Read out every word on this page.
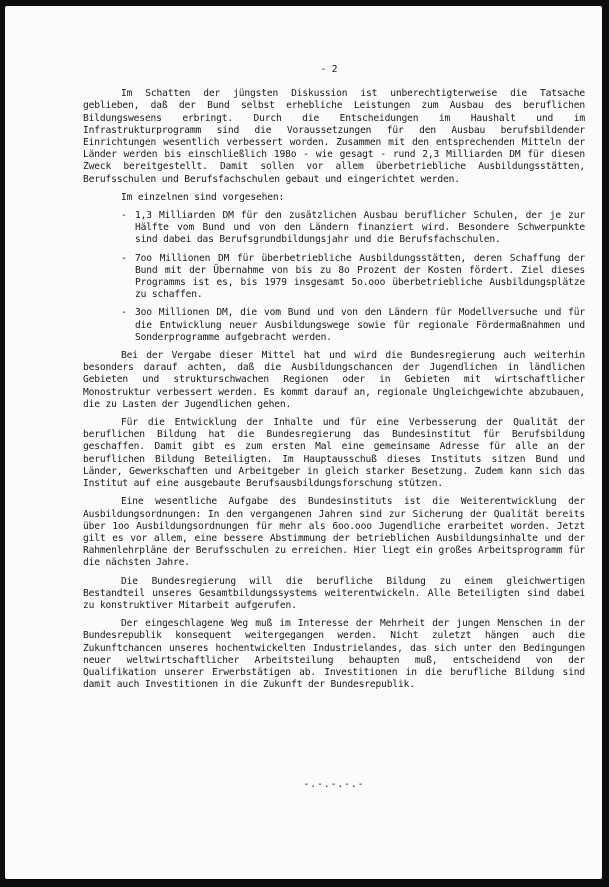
- 2

Im Schatten der jüngsten Diskussion ist unberechtigterweise die Tatsache geblieben, daß der Bund selbst erhebliche Leistungen zum Ausbau des beruflichen Bildungswesens erbringt. Durch die Entscheidungen im Haushalt und im Infrastrukturprogramm sind die Voraussetzungen für den Ausbau berufsbildender Einrichtungen wesentlich verbessert worden. Zusammen mit den entsprechenden Mitteln der Länder werden bis einschließlich 198o - wie gesagt - rund 2,3 Milliarden DM für diesen Zweck bereitgestellt. Damit sollen vor allem überbetriebliche Ausbildungsstätten, Berufsschulen und Berufsfachschulen gebaut und eingerichtet werden.

Im einzelnen sind vorgesehen:

- 1,3 Milliarden DM für den zusätzlichen Ausbau beruflicher Schulen, der je zur Hälfte vom Bund und von den Ländern finanziert wird. Besondere Schwerpunkte sind dabei das Berufsgrundbildungsjahr und die Berufsfachschulen.
- 7oo Millionen DM für überbetriebliche Ausbildungsstätten, deren Schaffung der Bund mit der Übernahme von bis zu 8o Prozent der Kosten fördert. Ziel dieses Programms ist es, bis 1979 insgesamt 5o.ooo überbetriebliche Ausbildungsplätze zu schaffen.
- 3oo Millionen DM, die vom Bund und von den Ländern für Modellversuche und für die Entwicklung neuer Ausbildungswege sowie für regionale Fördermaßnahmen und Sonderprogramme aufgebracht werden.

Bei der Vergabe dieser Mittel hat und wird die Bundesregierung auch weiterhin besonders darauf achten, daß die Ausbildungschancen der Jugendlichen in ländlichen Gebieten und strukturschwachen Regionen oder in Gebieten mit wirtschaftlicher Monostruktur verbessert werden. Es kommt darauf an, regionale Ungleichgewichte abzubauen, die zu Lasten der Jugendlichen gehen.

Für die Entwicklung der Inhalte und für eine Verbesserung der Qualität der beruflichen Bildung hat die Bundesregierung das Bundesinstitut für Berufsbildung geschaffen. Damit gibt es zum ersten Mal eine gemeinsame Adresse für alle an der beruflichen Bildung Beteiligten. Im Hauptausschuß dieses Instituts sitzen Bund und Länder, Gewerkschaften und Arbeitgeber in gleich starker Besetzung. Zudem kann sich das Institut auf eine ausgebaute Berufsausbildungsforschung stützen.

Eine wesentliche Aufgabe des Bundesinstituts ist die Weiterentwicklung der Ausbildungsordnungen: In den vergangenen Jahren sind zur Sicherung der Qualität bereits über 1oo Ausbildungsordnungen für mehr als 6oo.ooo Jugendliche erarbeitet worden. Jetzt gilt es vor allem, eine bessere Abstimmung der betrieblichen Ausbildungsinhalte und der Rahmenlehrpläne der Berufsschulen zu erreichen. Hier liegt ein großes Arbeitsprogramm für die nächsten Jahre.

Die Bundesregierung will die berufliche Bildung zu einem gleichwertigen Bestandteil unseres Gesamtbildungssystems weiterentwickeln. Alle Beteiligten sind dabei zu konstruktiver Mitarbeit aufgerufen.

Der eingeschlagene Weg muß im Interesse der Mehrheit der jungen Menschen in der Bundesrepublik konsequent weitergegangen werden. Nicht zuletzt hängen auch die Zukunftchancen unseres hochentwickelten Industrielandes, das sich unter den Bedingungen neuer weltwirtschaftlicher Arbeitsteilung behaupten muß, entscheidend von der Qualifikation unserer Erwerbstätigen ab. Investitionen in die berufliche Bildung sind damit auch Investitionen in die Zukunft der Bundesrepublik.

-.-.-.-.-
